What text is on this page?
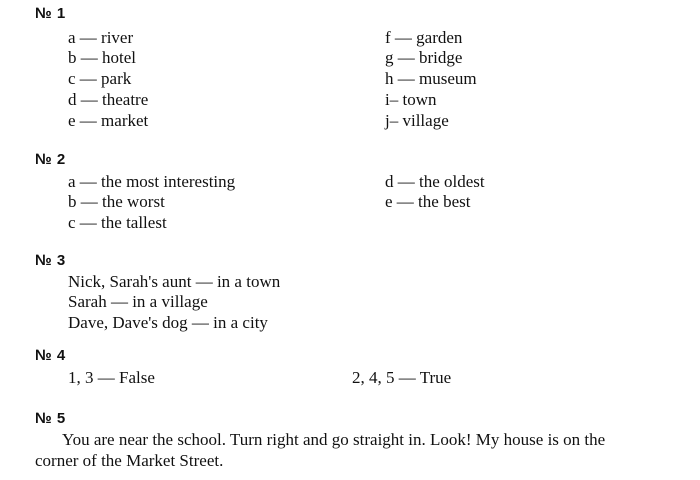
№ 1
a — river
b — hotel
c — park
d — theatre
e — market
f — garden
g — bridge
h — museum
i– town
j– village
№ 2
a — the most interesting
b — the worst
c — the tallest
d — the oldest
e — the best
№ 3
Nick, Sarah's aunt — in a town
Sarah — in a village
Dave, Dave's dog — in a city
№ 4
1, 3 — False	2, 4, 5 — True
№ 5
You are near the school. Turn right and go straight in. Look! My house is on the
corner of the Market Street.
